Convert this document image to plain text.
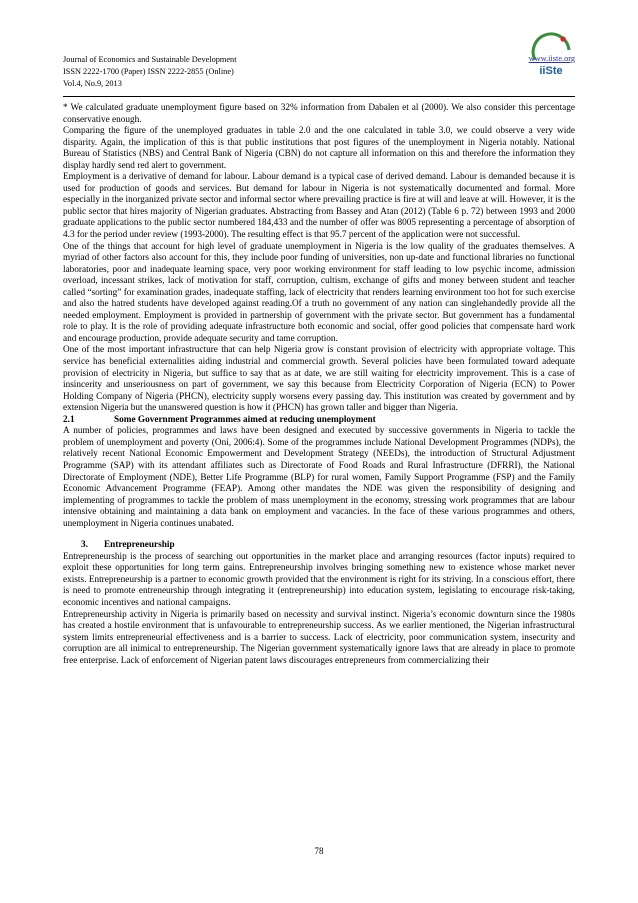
Journal of Economics and Sustainable Development
ISSN 2222-1700 (Paper) ISSN 2222-2855 (Online)
Vol.4, No.9, 2013
www.iiste.org
iiSte

* We calculated graduate unemployment figure based on 32% information from Dabalen et al (2000). We also consider this percentage conservative enough.

Comparing the figure of the unemployed graduates in table 2.0 and the one calculated in table 3.0, we could observe a very wide disparity. Again, the implication of this is that public institutions that post figures of the unemployment in Nigeria notably. National Bureau of Statistics (NBS) and Central Bank of Nigeria (CBN) do not capture all information on this and therefore the information they display hardly send red alert to government.

Employment is a derivative of demand for labour. Labour demand is a typical case of derived demand. Labour is demanded because it is used for production of goods and services. But demand for labour in Nigeria is not systematically documented and formal. More especially in the inorganized private sector and informal sector where prevailing practice is fire at will and leave at will. However, it is the public sector that hires majority of Nigerian graduates. Abstracting from Bassey and Atan (2012) (Table 6 p. 72) between 1993 and 2000 graduate applications to the public sector numbered 184,433 and the number of offer was 8005 representing a percentage of absorption of 4.3 for the period under review (1993-2000). The resulting effect is that 95.7 percent of the application were not successful.

One of the things that account for high level of graduate unemployment in Nigeria is the low quality of the graduates themselves. A myriad of other factors also account for this, they include poor funding of universities, non up-date and functional libraries no functional laboratories, poor and inadequate learning space, very poor working environment for staff leading to low psychic income, admission overload, incessant strikes, lack of motivation for staff, corruption, cultism, exchange of gifts and money between student and teacher called “sorting” for examination grades, inadequate staffing, lack of electricity that renders learning environment too hot for such exercise and also the hatred students have developed against reading.Of a truth no government of any nation can singlehandedly provide all the needed employment. Employment is provided in partnership of government with the private sector. But government has a fundamental role to play. It is the role of providing adequate infrastructure both economic and social, offer good policies that compensate hard work and encourage production, provide adequate security and tame corruption.

One of the most important infrastructure that can help Nigeria grow is constant provision of electricity with appropriate voltage. This service has beneficial externalities aiding industrial and commercial growth. Several policies have been formulated toward adequate provision of electricity in Nigeria, but suffice to say that as at date, we are still waiting for electricity improvement. This is a case of insincerity and unseriousness on part of government, we say this because from Electricity Corporation of Nigeria (ECN) to Power Holding Company of Nigeria (PHCN), electricity supply worsens every passing day. This institution was created by government and by extension Nigeria but the unanswered question is how it (PHCN) has grown taller and bigger than Nigeria.

2.1	Some Government Programmes aimed at reducing unemployment

A number of policies, programmes and laws have been designed and executed by successive governments in Nigeria to tackle the problem of unemployment and poverty (Oni, 2006:4). Some of the programmes include National Development Programmes (NDPs), the relatively recent National Economic Empowerment and Development Strategy (NEEDs), the introduction of Structural Adjustment Programme (SAP) with its attendant affiliates such as Directorate of Food Roads and Rural Infrastructure (DFRRI), the National Directorate of Employment (NDE), Better Life Programme (BLP) for rural women, Family Support Programme (FSP) and the Family Economic Advancement Programme (FEAP). Among other mandates the NDE was given the responsibility of designing and implementing of programmes to tackle the problem of mass unemployment in the economy, stressing work programmes that are labour intensive obtaining and maintaining a data bank on employment and vacancies. In the face of these various programmes and others, unemployment in Nigeria continues unabated.

3. Entrepreneurship

Entrepreneurship is the process of searching out opportunities in the market place and arranging resources (factor inputs) required to exploit these opportunities for long term gains. Entrepreneurship involves bringing something new to existence whose market never exists. Entrepreneurship is a partner to economic growth provided that the environment is right for its striving. In a conscious effort, there is need to promote entreneurship through integrating it (entrepreneurship) into education system, legislating to encourage risk-taking, economic incentives and national campaigns.

Entrepreneurship activity in Nigeria is primarily based on necessity and survival instinct. Nigeria’s economic downturn since the 1980s has created a hostile environment that is unfavourable to entrepreneurship success. As we earlier mentioned, the Nigerian infrastructural system limits entrepreneurial effectiveness and is a barrier to success. Lack of electricity, poor communication system, insecurity and corruption are all inimical to entrepreneurship. The Nigerian government systematically ignore laws that are already in place to promote free enterprise. Lack of enforcement of Nigerian patent laws discourages entrepreneurs from commercializing their

78
